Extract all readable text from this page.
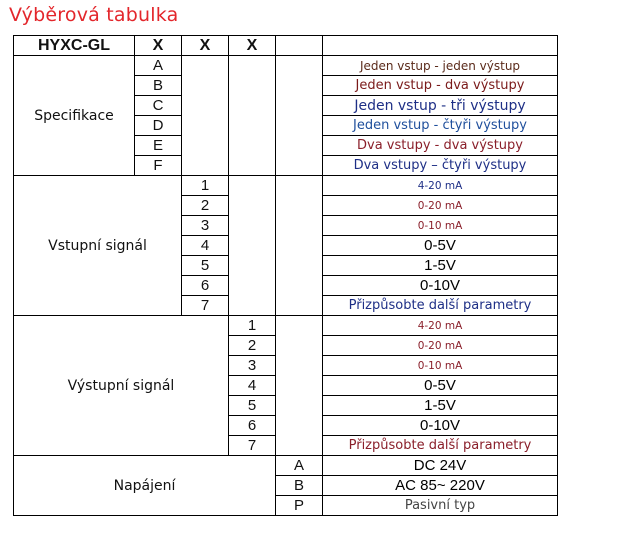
Výběrová tabulka
HYXC-GL	X	X	X		
Specifikace	A				Jeden vstup - jeden výstup
	B				Jeden vstup - dva výstupy
	C				Jeden vstup - tři výstupy
	D				Jeden vstup - čtyři výstupy
	E				Dva vstupy - dva výstupy
	F				Dva vstupy – čtyři výstupy
Vstupní signál		1			4-20 mA
		2			0-20 mA
		3			0-10 mA
		4			0-5V
		5			1-5V
		6			0-10V
		7			Přizpůsobte další parametry
Výstupní signál			1		4-20 mA
			2		0-20 mA
			3		0-10 mA
			4		0-5V
			5		1-5V
			6		0-10V
			7		Přizpůsobte další parametry
Napájení				A	DC 24V
				B	AC 85~ 220V
				P	Pasivní typ
